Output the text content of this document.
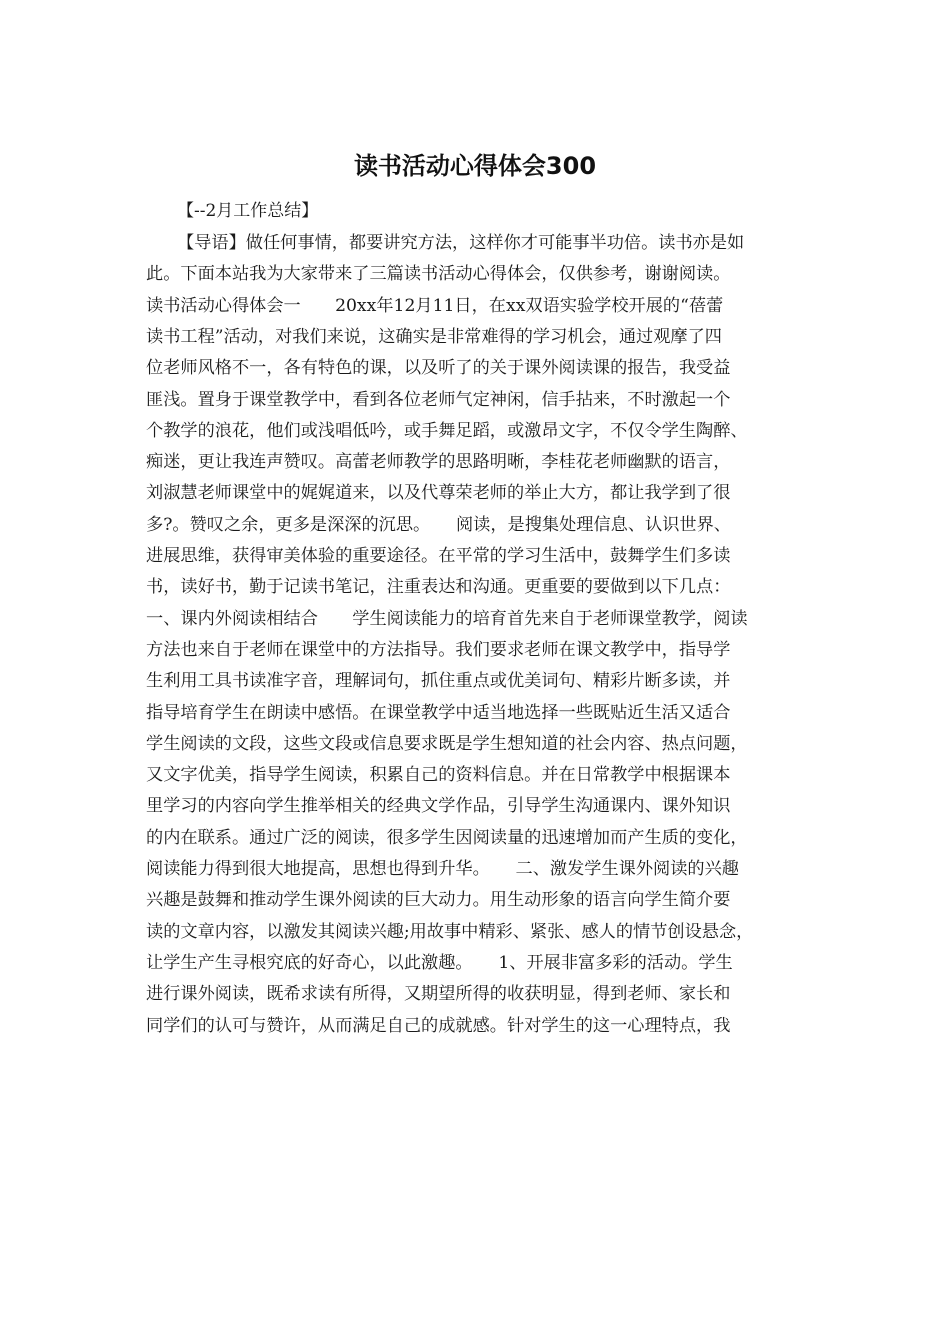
读书活动心得体会300
【--2月工作总结】
【导语】做任何事情，都要讲究方法，这样你才可能事半功倍。读书亦是如
此。下面本站我为大家带来了三篇读书活动心得体会，仅供参考，谢谢阅读。
读书活动心得体会一　　20xx年12月11日，在xx双语实验学校开展的“蓓蕾
读书工程”活动，对我们来说，这确实是非常难得的学习机会，通过观摩了四
位老师风格不一，各有特色的课，以及听了的关于课外阅读课的报告，我受益
匪浅。置身于课堂教学中，看到各位老师气定神闲，信手拈来，不时激起一个
个教学的浪花，他们或浅唱低吟，或手舞足蹈，或激昂文字，不仅令学生陶醉、
痴迷，更让我连声赞叹。高蕾老师教学的思路明晰，李桂花老师幽默的语言，
刘淑慧老师课堂中的娓娓道来，以及代尊荣老师的举止大方，都让我学到了很
多?。赞叹之余，更多是深深的沉思。　　阅读，是搜集处理信息、认识世界、
进展思维，获得审美体验的重要途径。在平常的学习生活中，鼓舞学生们多读
书，读好书，勤于记读书笔记，注重表达和沟通。更重要的要做到以下几点：
一、课内外阅读相结合　　学生阅读能力的培育首先来自于老师课堂教学，阅读
方法也来自于老师在课堂中的方法指导。我们要求老师在课文教学中，指导学
生利用工具书读准字音，理解词句，抓住重点或优美词句、精彩片断多读，并
指导培育学生在朗读中感悟。在课堂教学中适当地选择一些既贴近生活又适合
学生阅读的文段，这些文段或信息要求既是学生想知道的社会内容、热点问题，
又文字优美，指导学生阅读，积累自己的资料信息。并在日常教学中根据课本
里学习的内容向学生推举相关的经典文学作品，引导学生沟通课内、课外知识
的内在联系。通过广泛的阅读，很多学生因阅读量的迅速增加而产生质的变化，
阅读能力得到很大地提高，思想也得到升华。　　二、激发学生课外阅读的兴趣
兴趣是鼓舞和推动学生课外阅读的巨大动力。用生动形象的语言向学生简介要
读的文章内容，以激发其阅读兴趣;用故事中精彩、紧张、感人的情节创设悬念，
让学生产生寻根究底的好奇心，以此激趣。　　1、开展非富多彩的活动。学生
进行课外阅读，既希求读有所得，又期望所得的收获明显，得到老师、家长和
同学们的认可与赞许，从而满足自己的成就感。针对学生的这一心理特点，我
